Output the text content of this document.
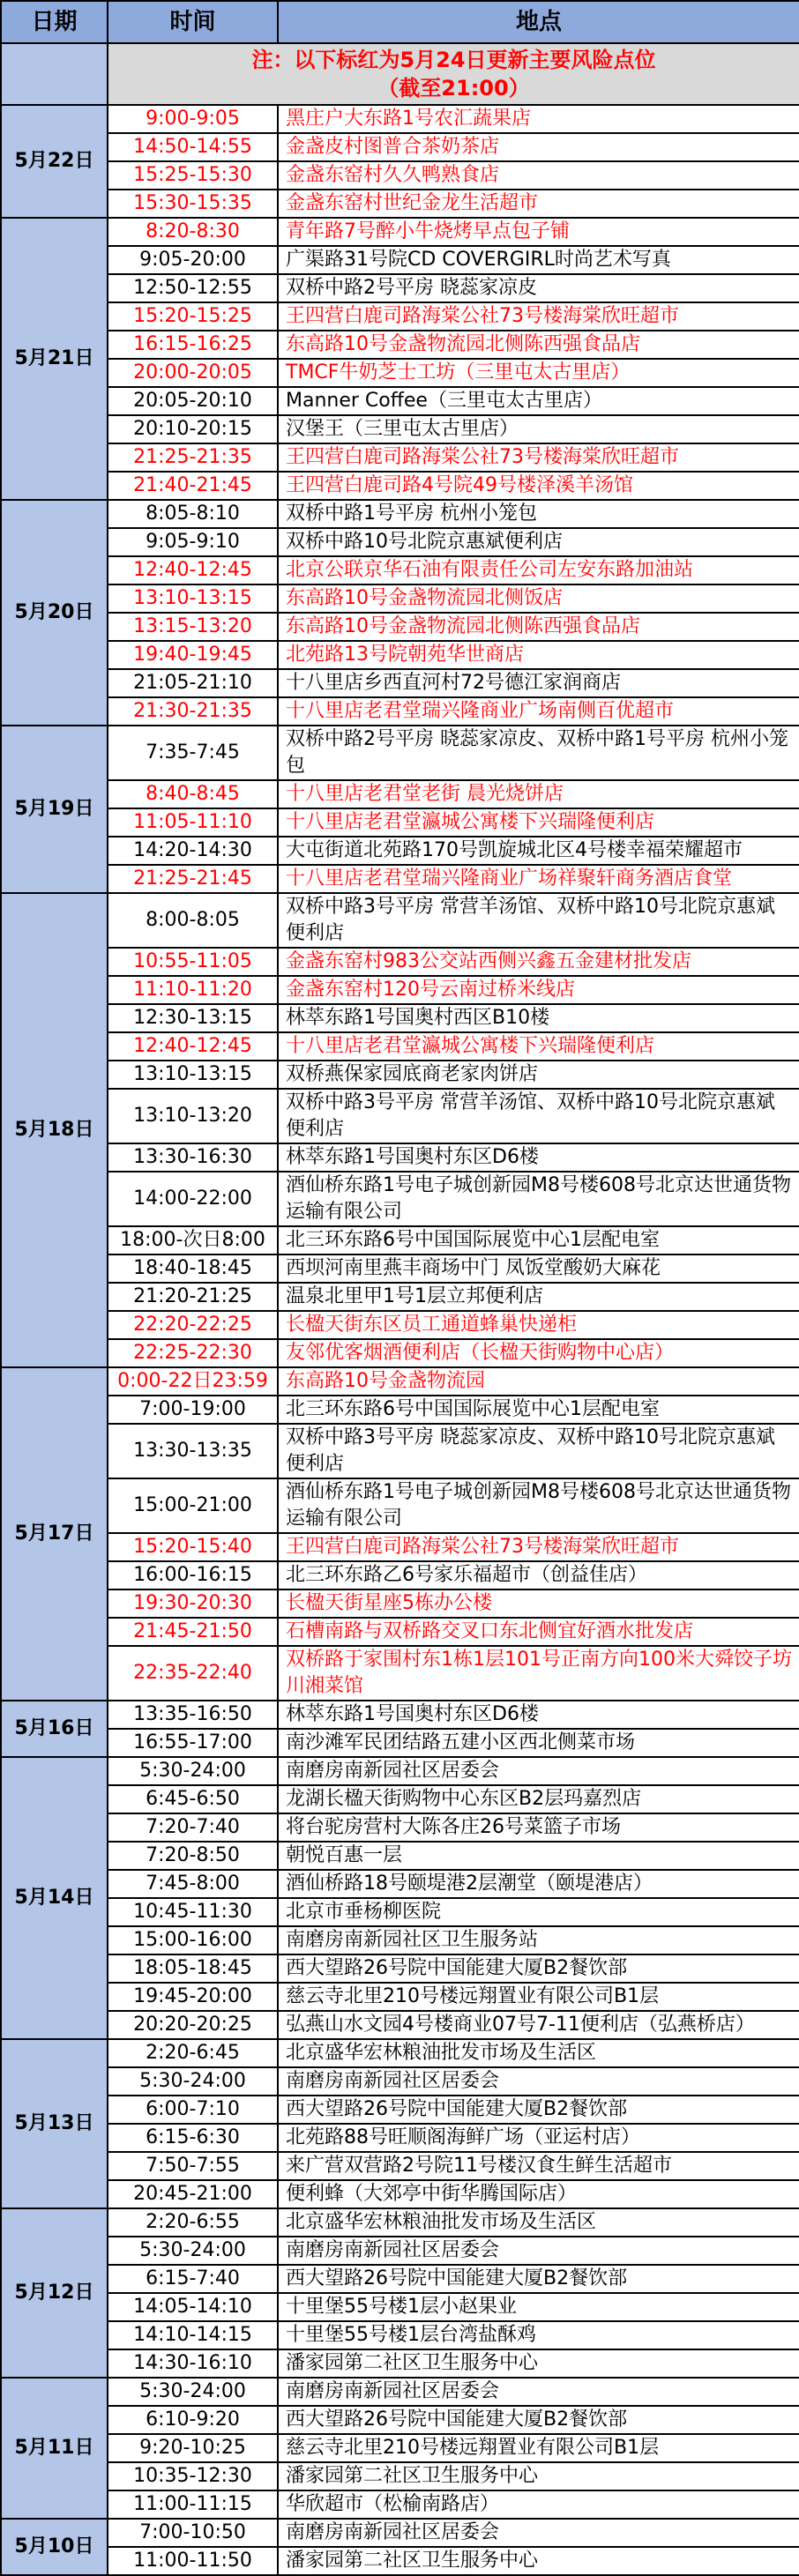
日期	时间	地点

	注：以下标红为5月24日更新主要风险点位
（截至21:00）	

5月22日	9:00-9:05	黑庄户大东路1号农汇蔬果店
	14:50-14:55	金盏皮村图普合茶奶茶店
	15:25-15:30	金盏东窑村久久鸭熟食店
	15:30-15:35	金盏东窑村世纪金龙生活超市
5月21日	8:20-8:30	青年路7号醉小牛烧烤早点包子铺
	9:05-20:00	广渠路31号院CD COVERGIRL时尚艺术写真
	12:50-12:55	双桥中路2号平房 晓蕊家凉皮
	15:20-15:25	王四营白鹿司路海棠公社73号楼海棠欣旺超市
	16:15-16:25	东高路10号金盏物流园北侧陈西强食品店
	20:00-20:05	TMCF牛奶芝士工坊（三里屯太古里店）
	20:05-20:10	Manner Coffee（三里屯太古里店）
	20:10-20:15	汉堡王（三里屯太古里店）
	21:25-21:35	王四营白鹿司路海棠公社73号楼海棠欣旺超市
	21:40-21:45	王四营白鹿司路4号院49号楼泽溪羊汤馆
5月20日	8:05-8:10	双桥中路1号平房 杭州小笼包
	9:05-9:10	双桥中路10号北院京惠斌便利店
	12:40-12:45	北京公联京华石油有限责任公司左安东路加油站
	13:10-13:15	东高路10号金盏物流园北侧饭店
	13:15-13:20	东高路10号金盏物流园北侧陈西强食品店
	19:40-19:45	北苑路13号院朝苑华世商店
	21:05-21:10	十八里店乡西直河村72号德江家润商店
	21:30-21:35	十八里店老君堂瑞兴隆商业广场南侧百优超市
5月19日	7:35-7:45	双桥中路2号平房 晓蕊家凉皮、双桥中路1号平房 杭州小笼包
	8:40-8:45	十八里店老君堂老街 晨光烧饼店
	11:05-11:10	十八里店老君堂瀛城公寓楼下兴瑞隆便利店
	14:20-14:30	大屯街道北苑路170号凯旋城北区4号楼幸福荣耀超市
	21:25-21:45	十八里店老君堂瑞兴隆商业广场祥聚轩商务酒店食堂
5月18日	8:00-8:05	双桥中路3号平房 常营羊汤馆、双桥中路10号北院京惠斌便利店
	10:55-11:05	金盏东窑村983公交站西侧兴鑫五金建材批发店
	11:10-11:20	金盏东窑村120号云南过桥米线店
	12:30-13:15	林萃东路1号国奥村西区B10楼
	12:40-12:45	十八里店老君堂瀛城公寓楼下兴瑞隆便利店
	13:10-13:15	双桥燕保家园底商老家肉饼店
	13:10-13:20	双桥中路3号平房 常营羊汤馆、双桥中路10号北院京惠斌便利店
	13:30-16:30	林萃东路1号国奥村东区D6楼
	14:00-22:00	酒仙桥东路1号电子城创新园M8号楼608号北京达世通货物运输有限公司
	18:00-次日8:00	北三环东路6号中国国际展览中心1层配电室
	18:40-18:45	西坝河南里燕丰商场中门 凤饭堂酸奶大麻花
	21:20-21:25	温泉北里甲1号1层立邦便利店
	22:20-22:25	长楹天街东区员工通道蜂巢快递柜
	22:25-22:30	友邻优客烟酒便利店（长楹天街购物中心店）
5月17日	0:00-22日23:59	东高路10号金盏物流园
	7:00-19:00	北三环东路6号中国国际展览中心1层配电室
	13:30-13:35	双桥中路3号平房 晓蕊家凉皮、双桥中路10号北院京惠斌便利店
	15:00-21:00	酒仙桥东路1号电子城创新园M8号楼608号北京达世通货物运输有限公司
	15:20-15:40	王四营白鹿司路海棠公社73号楼海棠欣旺超市
	16:00-16:15	北三环东路乙6号家乐福超市（创益佳店）
	19:30-20:30	长楹天街星座5栋办公楼
	21:45-21:50	石槽南路与双桥路交叉口东北侧宜好酒水批发店
	22:35-22:40	双桥路于家围村东1栋1层101号正南方向100米大舜饺子坊川湘菜馆
5月16日	13:35-16:50	林萃东路1号国奥村东区D6楼
	16:55-17:00	南沙滩军民团结路五建小区西北侧菜市场
5月14日	5:30-24:00	南磨房南新园社区居委会
	6:45-6:50	龙湖长楹天街购物中心东区B2层玛嘉烈店
	7:20-7:40	将台驼房营村大陈各庄26号菜篮子市场
	7:20-8:50	朝悦百惠一层
	7:45-8:00	酒仙桥路18号颐堤港2层潮堂（颐堤港店）
	10:45-11:30	北京市垂杨柳医院
	15:00-16:00	南磨房南新园社区卫生服务站
	18:05-18:45	西大望路26号院中国能建大厦B2餐饮部
	19:45-20:00	慈云寺北里210号楼远翔置业有限公司B1层
	20:20-20:25	弘燕山水文园4号楼商业07号7-11便利店（弘燕桥店）
5月13日	2:20-6:45	北京盛华宏林粮油批发市场及生活区
	5:30-24:00	南磨房南新园社区居委会
	6:00-7:10	西大望路26号院中国能建大厦B2餐饮部
	6:15-6:30	北苑路88号旺顺阁海鲜广场（亚运村店）
	7:50-7:55	来广营双营路2号院11号楼汉食生鲜生活超市
	20:45-21:00	便利蜂（大郊亭中街华腾国际店）
5月12日	2:20-6:55	北京盛华宏林粮油批发市场及生活区
	5:30-24:00	南磨房南新园社区居委会
	6:15-7:40	西大望路26号院中国能建大厦B2餐饮部
	14:05-14:10	十里堡55号楼1层小赵果业
	14:10-14:15	十里堡55号楼1层台湾盐酥鸡
	14:30-16:10	潘家园第二社区卫生服务中心
5月11日	5:30-24:00	南磨房南新园社区居委会
	6:10-9:20	西大望路26号院中国能建大厦B2餐饮部
	9:20-10:25	慈云寺北里210号楼远翔置业有限公司B1层
	10:35-12:30	潘家园第二社区卫生服务中心
	11:00-11:15	华欣超市（松榆南路店）
5月10日	7:00-10:50	南磨房南新园社区居委会
	11:00-11:50	潘家园第二社区卫生服务中心
